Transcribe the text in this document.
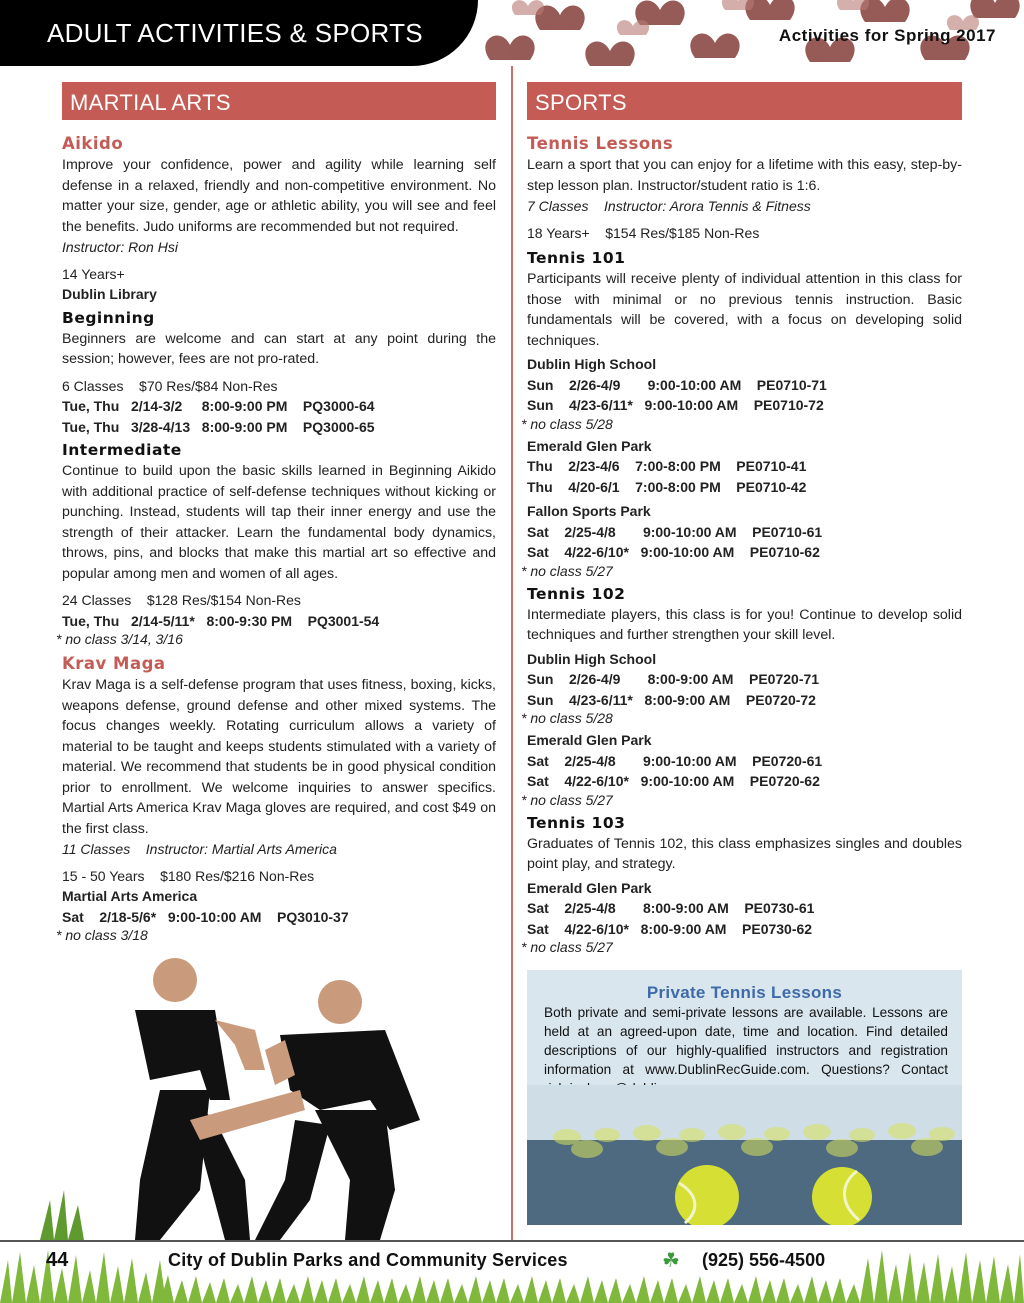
ADULT ACTIVITIES & SPORTS	Activities for Spring 2017
MARTIAL ARTS	SPORTS
Aikido
Improve your confidence, power and agility while learning self defense in a relaxed, friendly and non-competitive environment. No matter your size, gender, age or athletic ability, you will see and feel the benefits. Judo uniforms are recommended but not required.
Instructor: Ron Hsi
14 Years+
Dublin Library
Beginning
Beginners are welcome and can start at any point during the session; however, fees are not pro-rated.
6 Classes    $70 Res/$84 Non-Res
Tue, Thu   2/14-3/2     8:00-9:00 PM    PQ3000-64
Tue, Thu   3/28-4/13   8:00-9:00 PM    PQ3000-65
Intermediate
Continue to build upon the basic skills learned in Beginning Aikido with additional practice of self-defense techniques without kicking or punching. Instead, students will tap their inner energy and use the strength of their attacker. Learn the fundamental body dynamics, throws, pins, and blocks that make this martial art so effective and popular among men and women of all ages.
24 Classes    $128 Res/$154 Non-Res
Tue, Thu   2/14-5/11*   8:00-9:30 PM    PQ3001-54
* no class 3/14, 3/16
Krav Maga
Krav Maga is a self-defense program that uses fitness, boxing, kicks, weapons defense, ground defense and other mixed systems. The focus changes weekly. Rotating curriculum allows a variety of material to be taught and keeps students stimulated with a variety of material. We recommend that students be in good physical condition prior to enrollment. We welcome inquiries to answer specifics. Martial Arts America Krav Maga gloves are required, and cost $49 on the first class.
11 Classes    Instructor: Martial Arts America
15 - 50 Years    $180 Res/$216 Non-Res
Martial Arts America
Sat    2/18-5/6*   9:00-10:00 AM    PQ3010-37
* no class 3/18
Tennis Lessons
Learn a sport that you can enjoy for a lifetime with this easy, step-by-step lesson plan. Instructor/student ratio is 1:6.
7 Classes    Instructor: Arora Tennis & Fitness
18 Years+    $154 Res/$185 Non-Res
Tennis 101
Participants will receive plenty of individual attention in this class for those with minimal or no previous tennis instruction. Basic fundamentals will be covered, with a focus on developing solid techniques.
Dublin High School
Sun    2/26-4/9       9:00-10:00 AM    PE0710-71
Sun    4/23-6/11*   9:00-10:00 AM    PE0710-72
* no class 5/28
Emerald Glen Park
Thu    2/23-4/6    7:00-8:00 PM    PE0710-41
Thu    4/20-6/1    7:00-8:00 PM    PE0710-42
Fallon Sports Park
Sat    2/25-4/8       9:00-10:00 AM    PE0710-61
Sat    4/22-6/10*   9:00-10:00 AM    PE0710-62
* no class 5/27
Tennis 102
Intermediate players, this class is for you! Continue to develop solid techniques and further strengthen your skill level.
Dublin High School
Sun    2/26-4/9       8:00-9:00 AM    PE0720-71
Sun    4/23-6/11*   8:00-9:00 AM    PE0720-72
* no class 5/28
Emerald Glen Park
Sat    2/25-4/8       9:00-10:00 AM    PE0720-61
Sat    4/22-6/10*   9:00-10:00 AM    PE0720-62
* no class 5/27
Tennis 103
Graduates of Tennis 102, this class emphasizes singles and doubles point play, and strategy.
Emerald Glen Park
Sat    2/25-4/8       8:00-9:00 AM    PE0730-61
Sat    4/22-6/10*   8:00-9:00 AM    PE0730-62
* no class 5/27
Private Tennis Lessons
Both private and semi-private lessons are available. Lessons are held at an agreed-upon date, time and location. Find detailed descriptions of our highly-qualified instructors and registration information at www.DublinRecGuide.com. Questions? Contact
44	City of Dublin Parks and Community Services	☘ (925) 556-4500
